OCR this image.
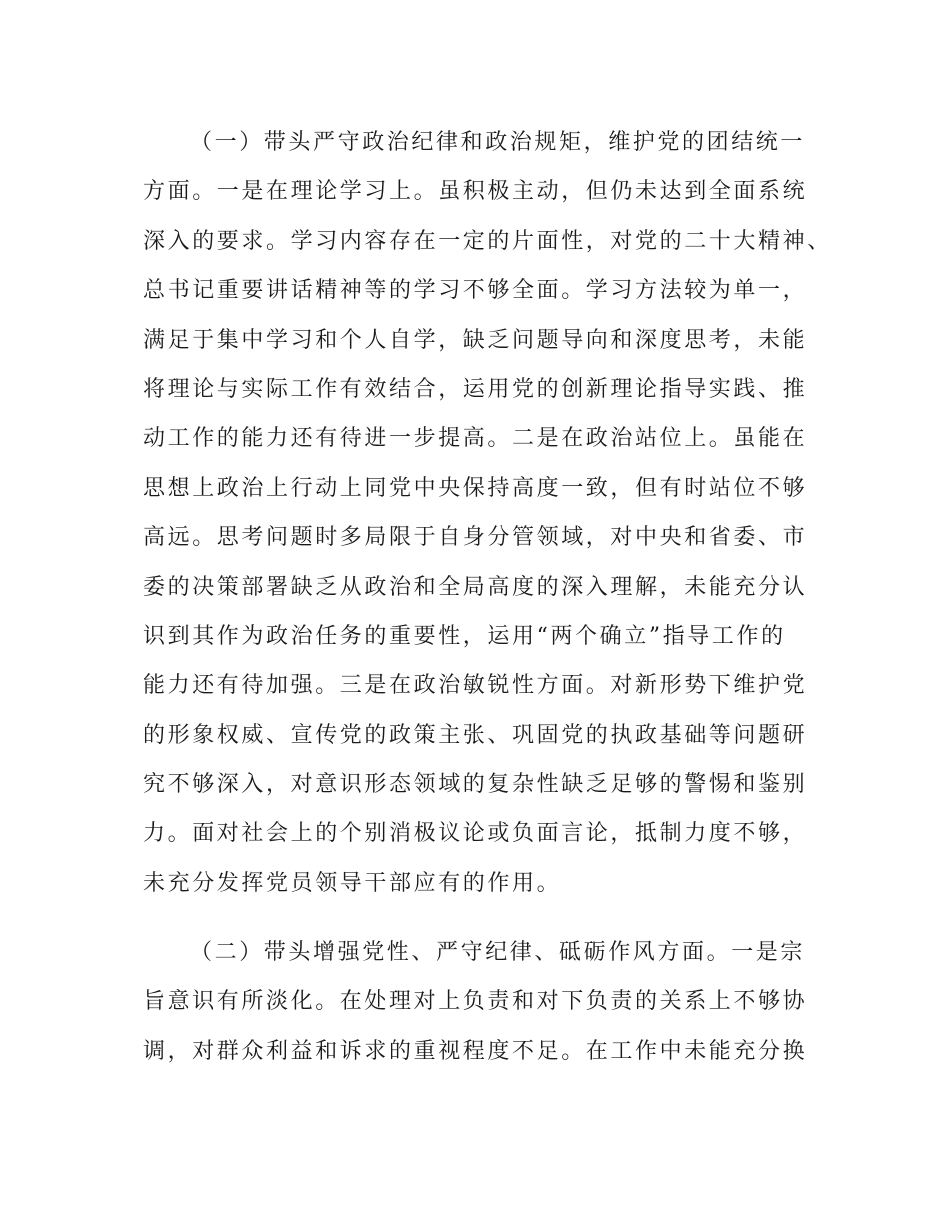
（一）带头严守政治纪律和政治规矩，维护党的团结统一
方面。一是在理论学习上。虽积极主动，但仍未达到全面系统
深入的要求。学习内容存在一定的片面性，对党的二十大精神、
总书记重要讲话精神等的学习不够全面。学习方法较为单一，
满足于集中学习和个人自学，缺乏问题导向和深度思考，未能
将理论与实际工作有效结合，运用党的创新理论指导实践、推
动工作的能力还有待进一步提高。二是在政治站位上。虽能在
思想上政治上行动上同党中央保持高度一致，但有时站位不够
高远。思考问题时多局限于自身分管领域，对中央和省委、市
委的决策部署缺乏从政治和全局高度的深入理解，未能充分认
识到其作为政治任务的重要性，运用“两个确立”指导工作的
能力还有待加强。三是在政治敏锐性方面。对新形势下维护党
的形象权威、宣传党的政策主张、巩固党的执政基础等问题研
究不够深入，对意识形态领域的复杂性缺乏足够的警惕和鉴别
力。面对社会上的个别消极议论或负面言论，抵制力度不够，
未充分发挥党员领导干部应有的作用。
（二）带头增强党性、严守纪律、砥砺作风方面。一是宗
旨意识有所淡化。在处理对上负责和对下负责的关系上不够协
调，对群众利益和诉求的重视程度不足。在工作中未能充分换
